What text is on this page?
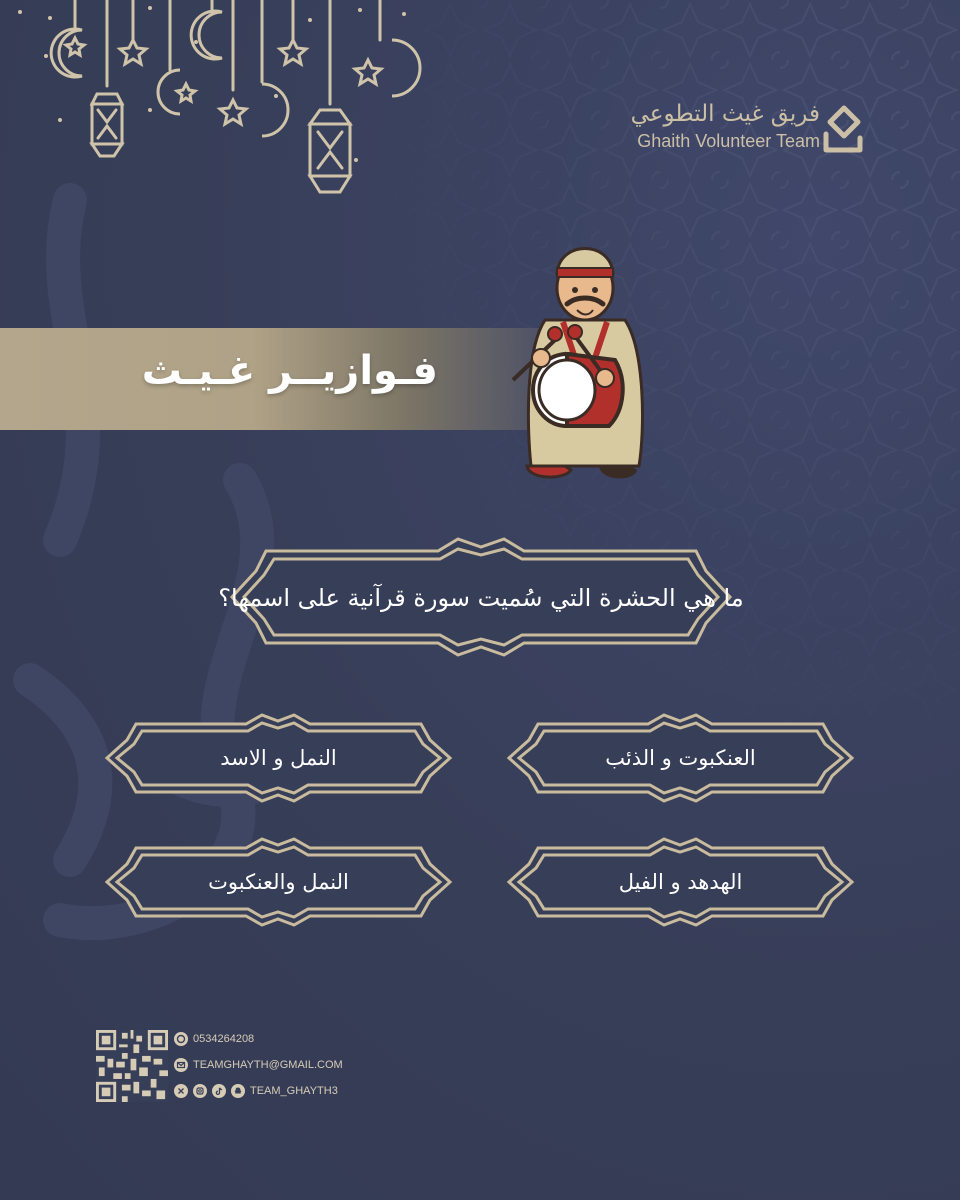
فريق غيث التطوعي
Ghaith Volunteer Team
فـوازيــر غـيـث
ما هي الحشرة التي سُميت سورة قرآنية على اسمها؟
العنكبوت و الذئب
النمل و الاسد
الهدهد و الفيل
النمل والعنكبوت
0534264208
TEAMGHAYTH@GMAIL.COM
TEAM_GHAYTH3
